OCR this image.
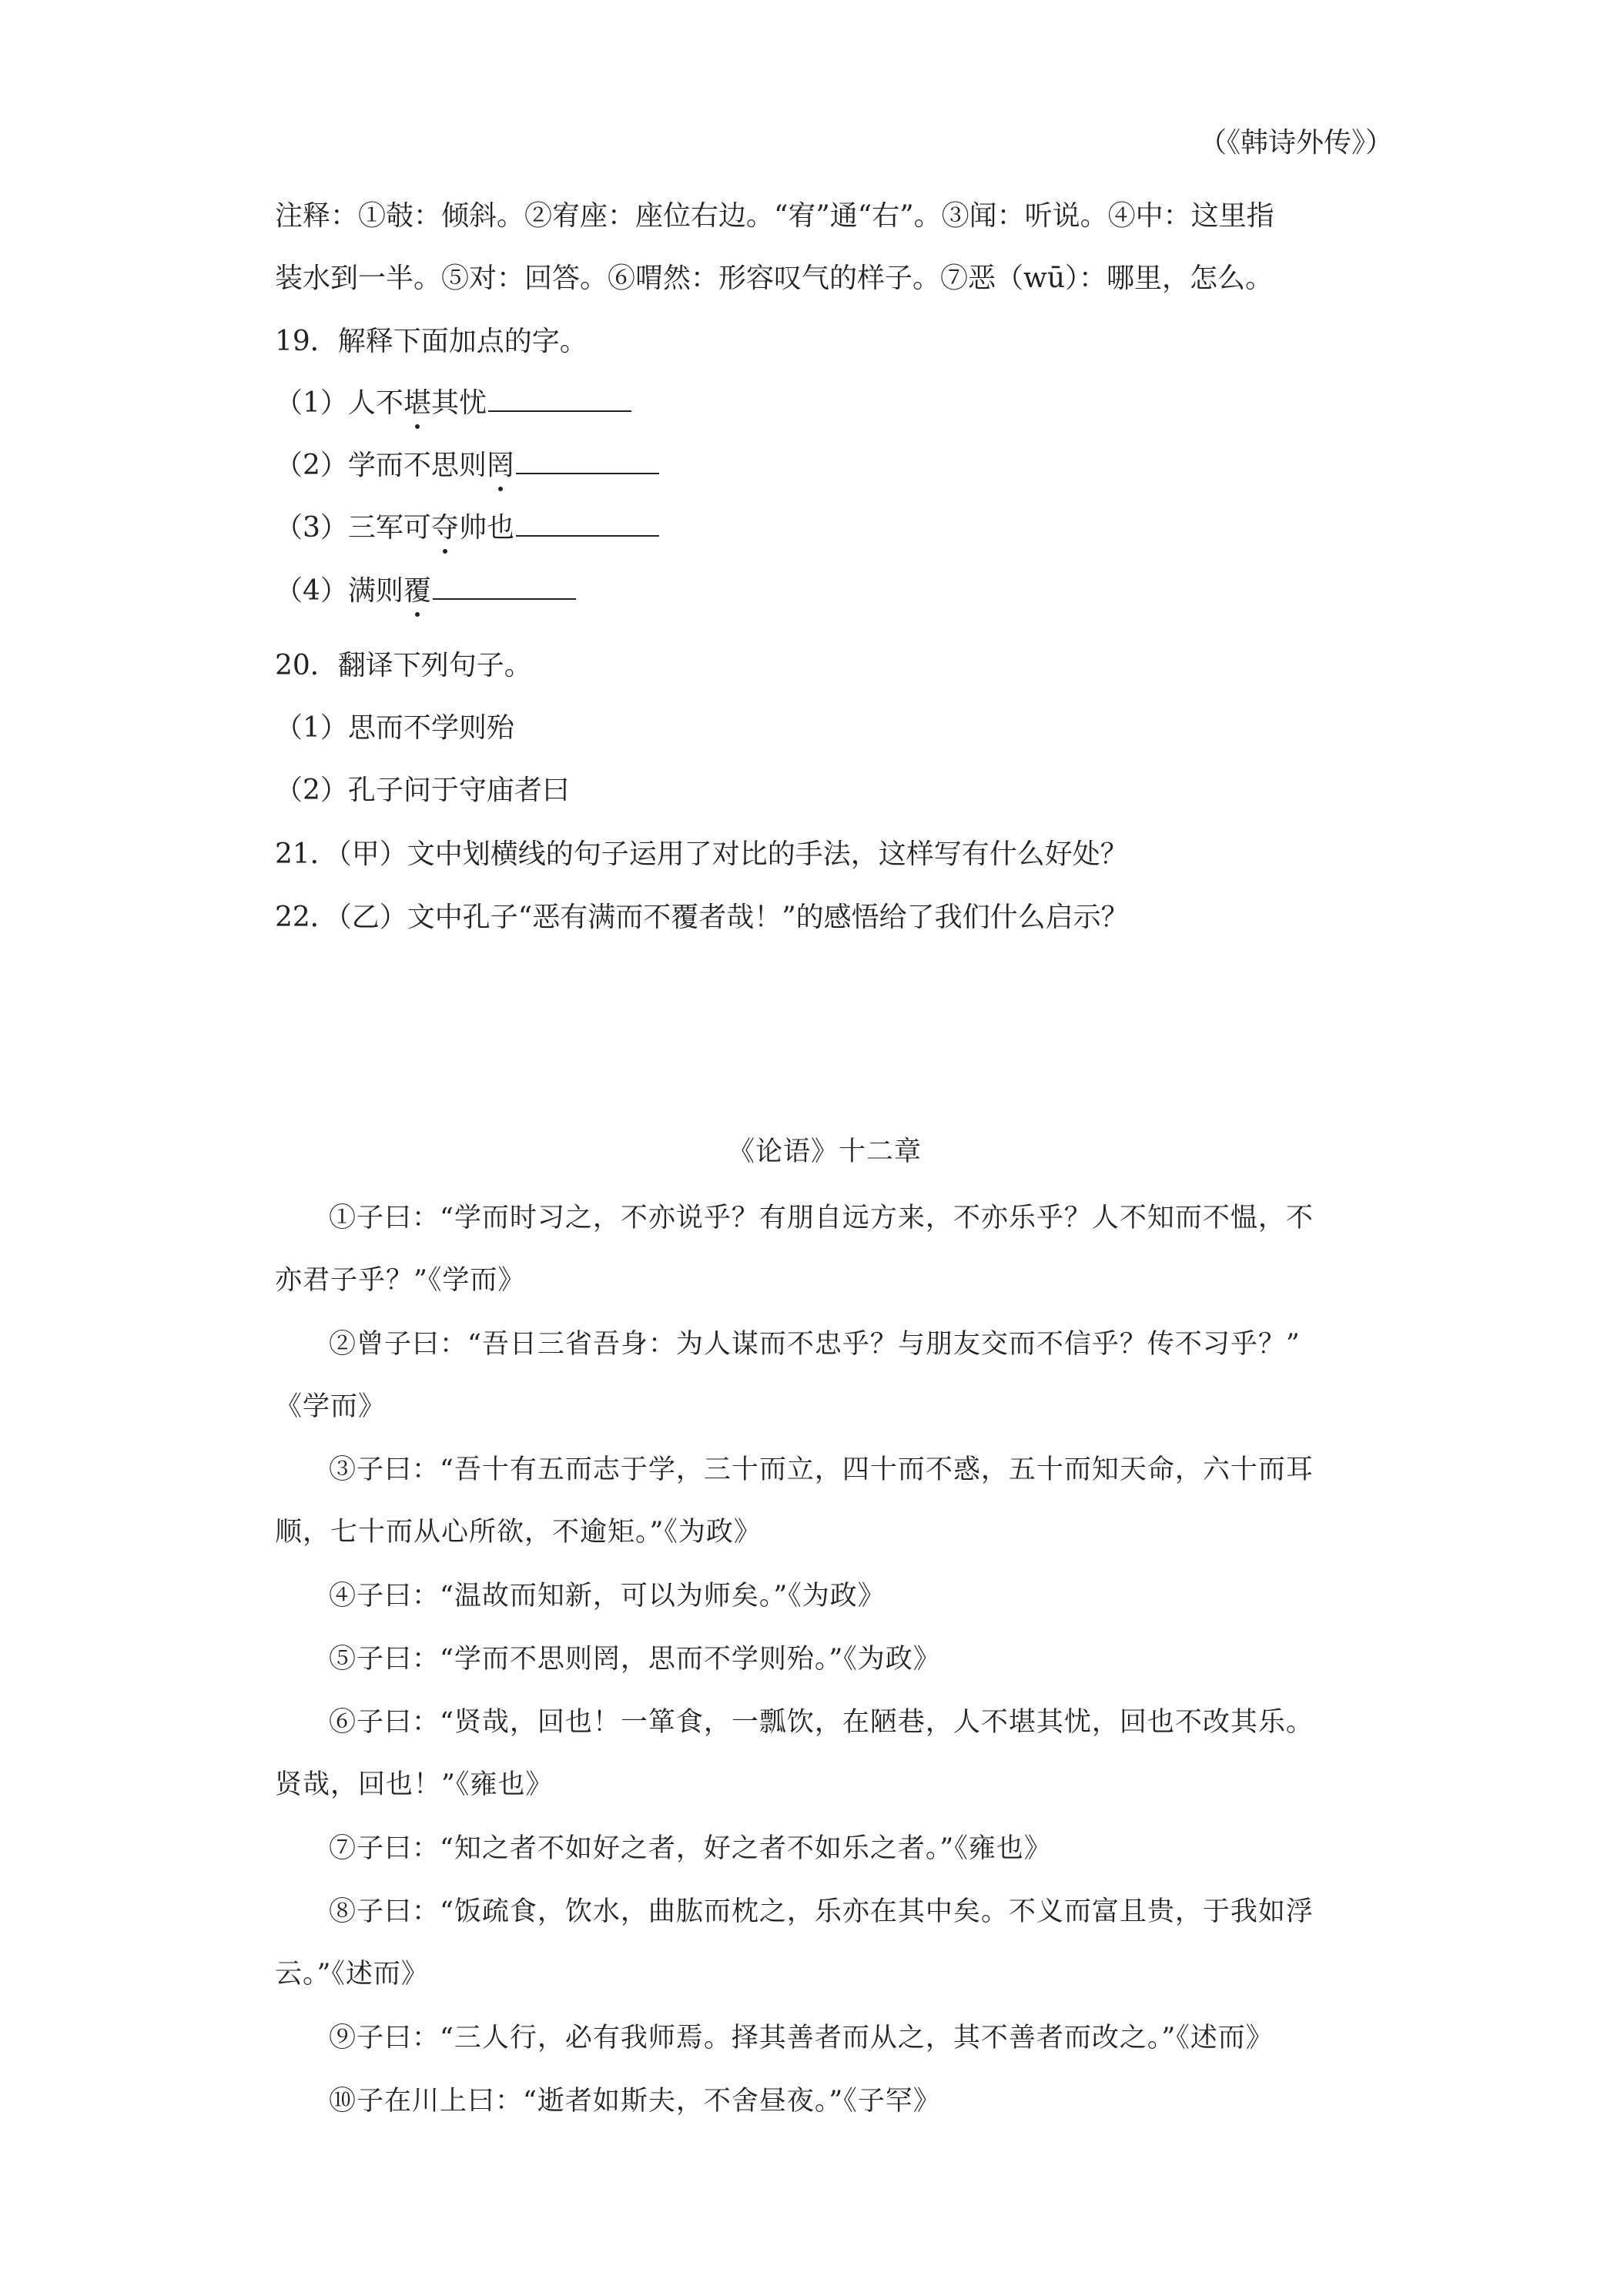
（《韩诗外传》）
注释：①攲：倾斜。②宥座：座位右边。“宥”通“右”。③闻：听说。④中：这里指
装水到一半。⑤对：回答。⑥喟然：形容叹气的样子。⑦恶（wū）：哪里，怎么。
19．解释下面加点的字。
（1）人不堪其忧
（2）学而不思则罔
（3）三军可夺帅也
（4）满则覆
20．翻译下列句子。
（1）思而不学则殆
（2）孔子问于守庙者曰
21．（甲）文中划横线的句子运用了对比的手法，这样写有什么好处？
22．（乙）文中孔子“恶有满而不覆者哉！”的感悟给了我们什么启示？
《论语》十二章
①子曰：“学而时习之，不亦说乎？有朋自远方来，不亦乐乎？人不知而不愠，不
亦君子乎？”《学而》
②曾子曰：“吾日三省吾身：为人谋而不忠乎？与朋友交而不信乎？传不习乎？”
《学而》
③子曰：“吾十有五而志于学，三十而立，四十而不惑，五十而知天命，六十而耳
顺，七十而从心所欲，不逾矩。”《为政》
④子曰：“温故而知新，可以为师矣。”《为政》
⑤子曰：“学而不思则罔，思而不学则殆。”《为政》
⑥子曰：“贤哉，回也！一箪食，一瓢饮，在陋巷，人不堪其忧，回也不改其乐。
贤哉，回也！”《雍也》
⑦子曰：“知之者不如好之者，好之者不如乐之者。”《雍也》
⑧子曰：“饭疏食，饮水，曲肱而枕之，乐亦在其中矣。不义而富且贵，于我如浮
云。”《述而》
⑨子曰：“三人行，必有我师焉。择其善者而从之，其不善者而改之。”《述而》
⑩子在川上曰：“逝者如斯夫，不舍昼夜。”《子罕》
